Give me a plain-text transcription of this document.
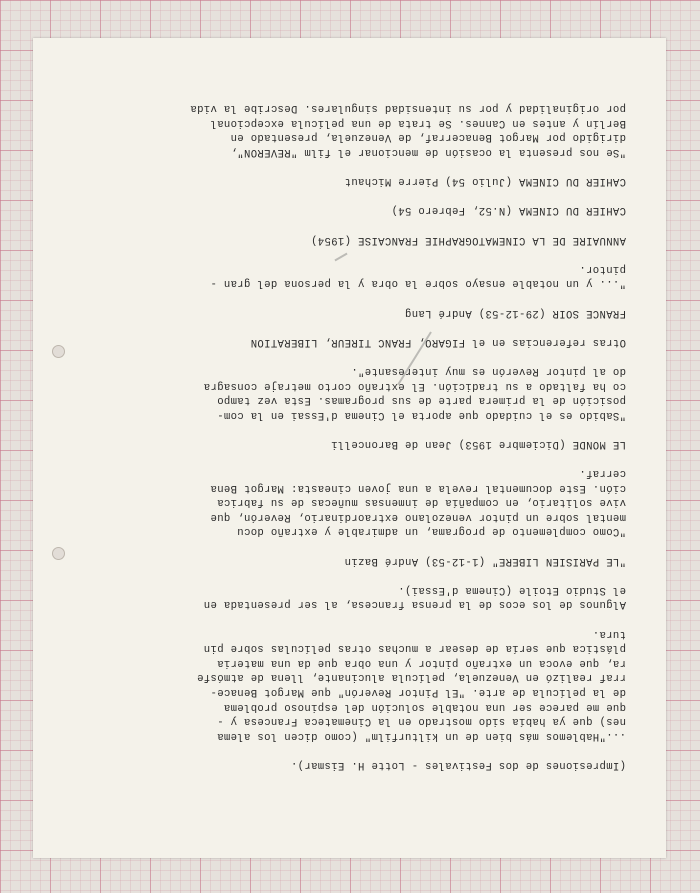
(Impresiones de dos Festivales - Lotte H. Eismar).

..."Hablemos más bien de un kilturfilm" (como dicen los alema

nes) que ya había sido mostrado en la Cinemateca Francesa y -

que me parece ser una notable solución del espinoso problema

de la película de arte. "El Pintor Reverón" que Margot Benace-

rraf realizó en Venezuela, película alucinante, llena de atmósfe

ra, que evoca un extraño pintor y una obra que da una materia

plástica que sería de desear a muchas otras películas sobre pin

tura.

Algunos de los ecos de la prensa francesa, al ser presentada en

el Studio Etoile (Cinema d'Essai).

"LE PARISIEN LIBERE" (1-12-53) André Bazin

"Como complemento de programa, un admirable y extraño docu

mental sobre un pintor venezolano extraordinario, Reverón, que

vive solitario, en compañía de inmensas muñecas de su fabrica

ción. Este documental revela a una joven cineasta: Margot Bena

cerraf.

LE MONDE (Diciembre 1953) Jean de Baroncelli

"Sabido es el cuidado que aporta el Cinema d'Essai en la com-

posición de la primera parte de sus programas. Esta vez tampo

co ha faltado a su tradición. El extraño corto metraje consagra

do al pintor Reverón es muy interesante".

Otras referencias en el FIGARO, FRANC TIREUR, LIBERATION

FRANCE SOIR (29-12-53) André Lang

"... y un notable ensayo sobre la obra y la persona del gran -

pintor.

ANNUAIRE DE LA CINEMATOGRAPHIE FRANCAISE (1954)

CAHIER DU CINEMA (N.52, Febrero 54)

CAHIER DU CINEMA (Julio 54) Pierre Michaut

"Se nos presenta la ocasión de mencionar el film "REVERON",

dirigido por Margot Benacerraf, de Venezuela, presentado en

Berlín y antes en Cannes. Se trata de una película excepcional

por originalidad y por su intensidad singulares. Describe la vida
